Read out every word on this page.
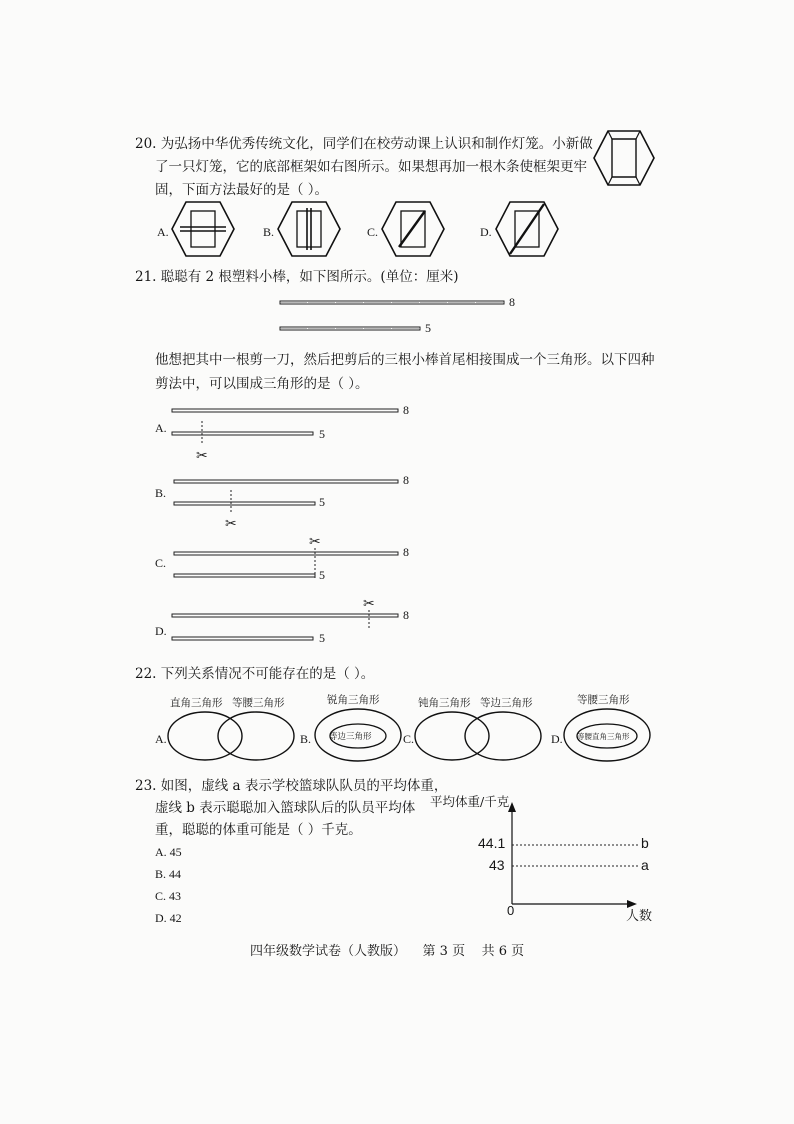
20. 为弘扬中华优秀传统文化，同学们在校劳动课上认识和制作灯笼。小新做
了一只灯笼，它的底部框架如右图所示。如果想再加一根木条使框架更牢
固，下面方法最好的是（ ）。
A.	B.	C.	D.
21. 聪聪有 2 根塑料小棒，如下图所示。(单位：厘米)
8
5
他想把其中一根剪一刀，然后把剪后的三根小棒首尾相接围成一个三角形。以下四种
剪法中，可以围成三角形的是（ ）。
A.
✂
8
5
B.
✂
8
5
C.
✂
8
5
D.
✂
8
5
22. 下列关系情况不可能存在的是（ ）。
A.
直角三角形 等腰三角形
B.
锐角三角形
等边三角形	C.
钝角三角形 等边三角形
D.
等腰三角形
等腰直角三角形
23. 如图，虚线 a 表示学校篮球队队员的平均体重，
虚线 b 表示聪聪加入篮球队后的队员平均体
重，聪聪的体重可能是（ ）千克。
A. 45
B. 44
C. 43
D. 42
平均体重/千克
44.1
43
b
a
0	人数
四年级数学试卷（人教版）    第 3 页    共 6 页
